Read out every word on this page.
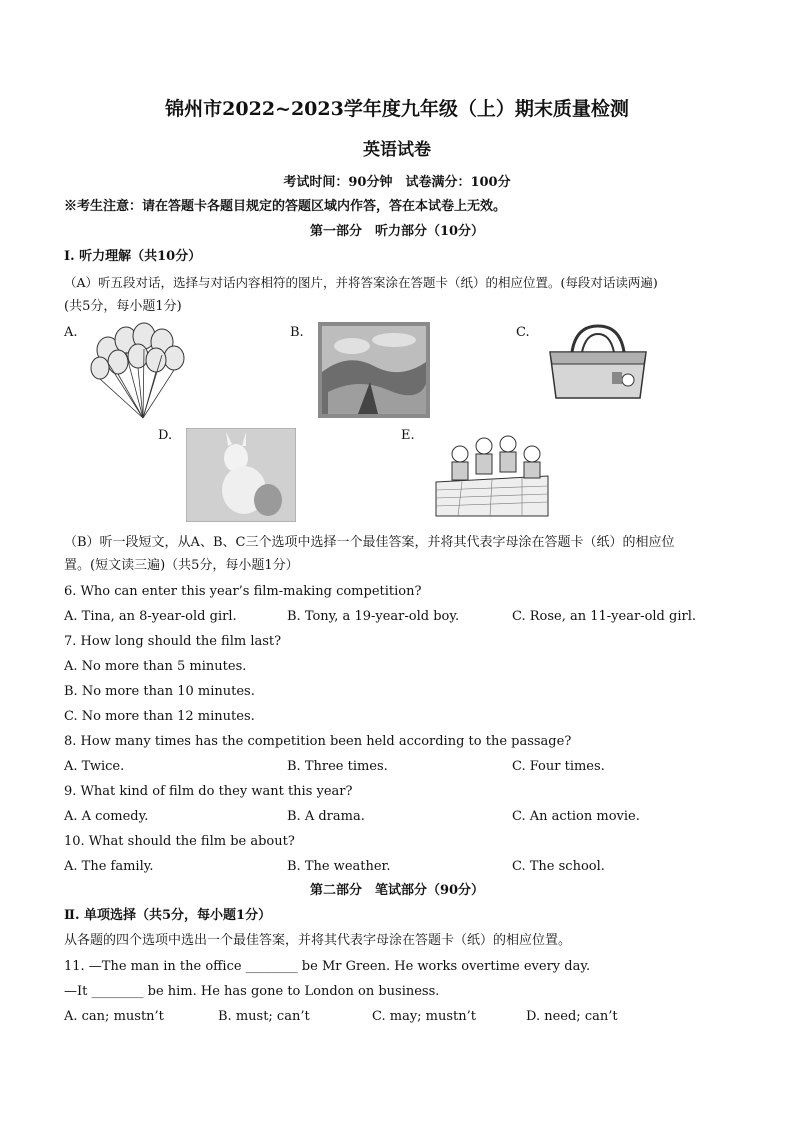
锦州市2022~2023学年度九年级（上）期末质量检测
英语试卷
考试时间：90分钟　试卷满分：100分
※考生注意：请在答题卡各题目规定的答题区域内作答，答在本试卷上无效。
第一部分　听力部分（10分）
Ⅰ. 听力理解（共10分）
（A）听五段对话，选择与对话内容相符的图片，并将答案涂在答题卡（纸）的相应位置。(每段对话读两遍)
(共5分，每小题1分)
A.	B.	C.
D.	E.
（B）听一段短文，从A、B、C三个选项中选择一个最佳答案，并将其代表字母涂在答题卡（纸）的相应位
置。(短文读三遍)（共5分，每小题1分）
6. Who can enter this year’s film-making competition?
A. Tina, an 8-year-old girl.	B. Tony, a 19-year-old boy.	C. Rose, an 11-year-old girl.
7. How long should the film last?
A. No more than 5 minutes.
B. No more than 10 minutes.
C. No more than 12 minutes.
8. How many times has the competition been held according to the passage?
A. Twice.	B. Three times.	C. Four times.
9. What kind of film do they want this year?
A. A comedy.	B. A drama.	C. An action movie.
10. What should the film be about?
A. The family.	B. The weather.	C. The school.
第二部分　笔试部分（90分）
Ⅱ. 单项选择（共5分，每小题1分）
从各题的四个选项中选出一个最佳答案，并将其代表字母涂在答题卡（纸）的相应位置。
11. —The man in the office ________ be Mr Green. He works overtime every day.
—It ________ be him. He has gone to London on business.
A. can; mustn’t	B. must; can’t	C. may; mustn’t	D. need; can’t
